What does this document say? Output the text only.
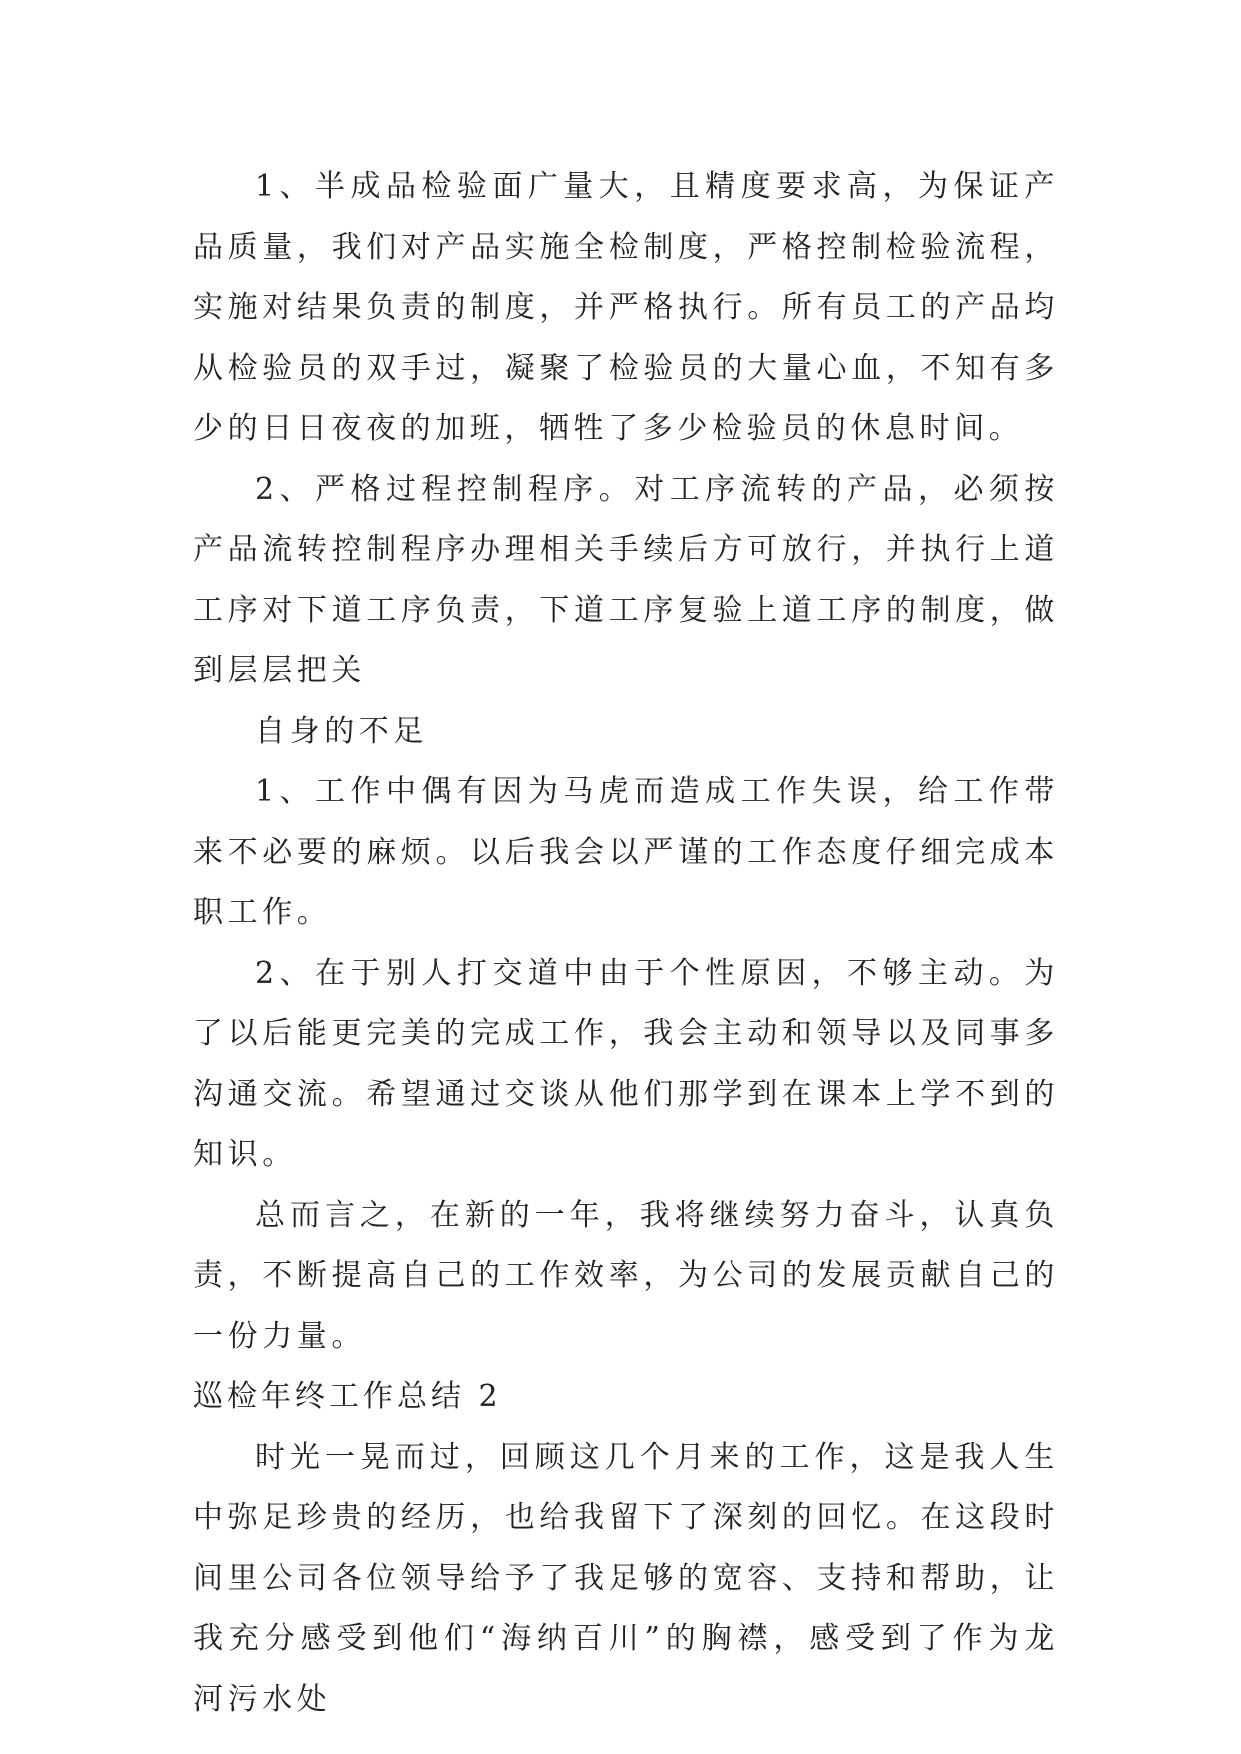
1、半成品检验面广量大，且精度要求高，为保证产品质量，我们对产品实施全检制度，严格控制检验流程，实施对结果负责的制度，并严格执行。所有员工的产品均从检验员的双手过，凝聚了检验员的大量心血，不知有多少的日日夜夜的加班，牺牲了多少检验员的休息时间。

2、严格过程控制程序。对工序流转的产品，必须按产品流转控制程序办理相关手续后方可放行，并执行上道工序对下道工序负责，下道工序复验上道工序的制度，做到层层把关

自身的不足

1、工作中偶有因为马虎而造成工作失误，给工作带来不必要的麻烦。以后我会以严谨的工作态度仔细完成本职工作。

2、在于别人打交道中由于个性原因，不够主动。为了以后能更完美的完成工作，我会主动和领导以及同事多沟通交流。希望通过交谈从他们那学到在课本上学不到的知识。

总而言之，在新的一年，我将继续努力奋斗，认真负责，不断提高自己的工作效率，为公司的发展贡献自己的一份力量。

巡检年终工作总结 2

时光一晃而过，回顾这几个月来的工作，这是我人生中弥足珍贵的经历，也给我留下了深刻的回忆。在这段时间里公司各位领导给予了我足够的宽容、支持和帮助，让我充分感受到他们“海纳百川”的胸襟，感受到了作为龙河污水处
